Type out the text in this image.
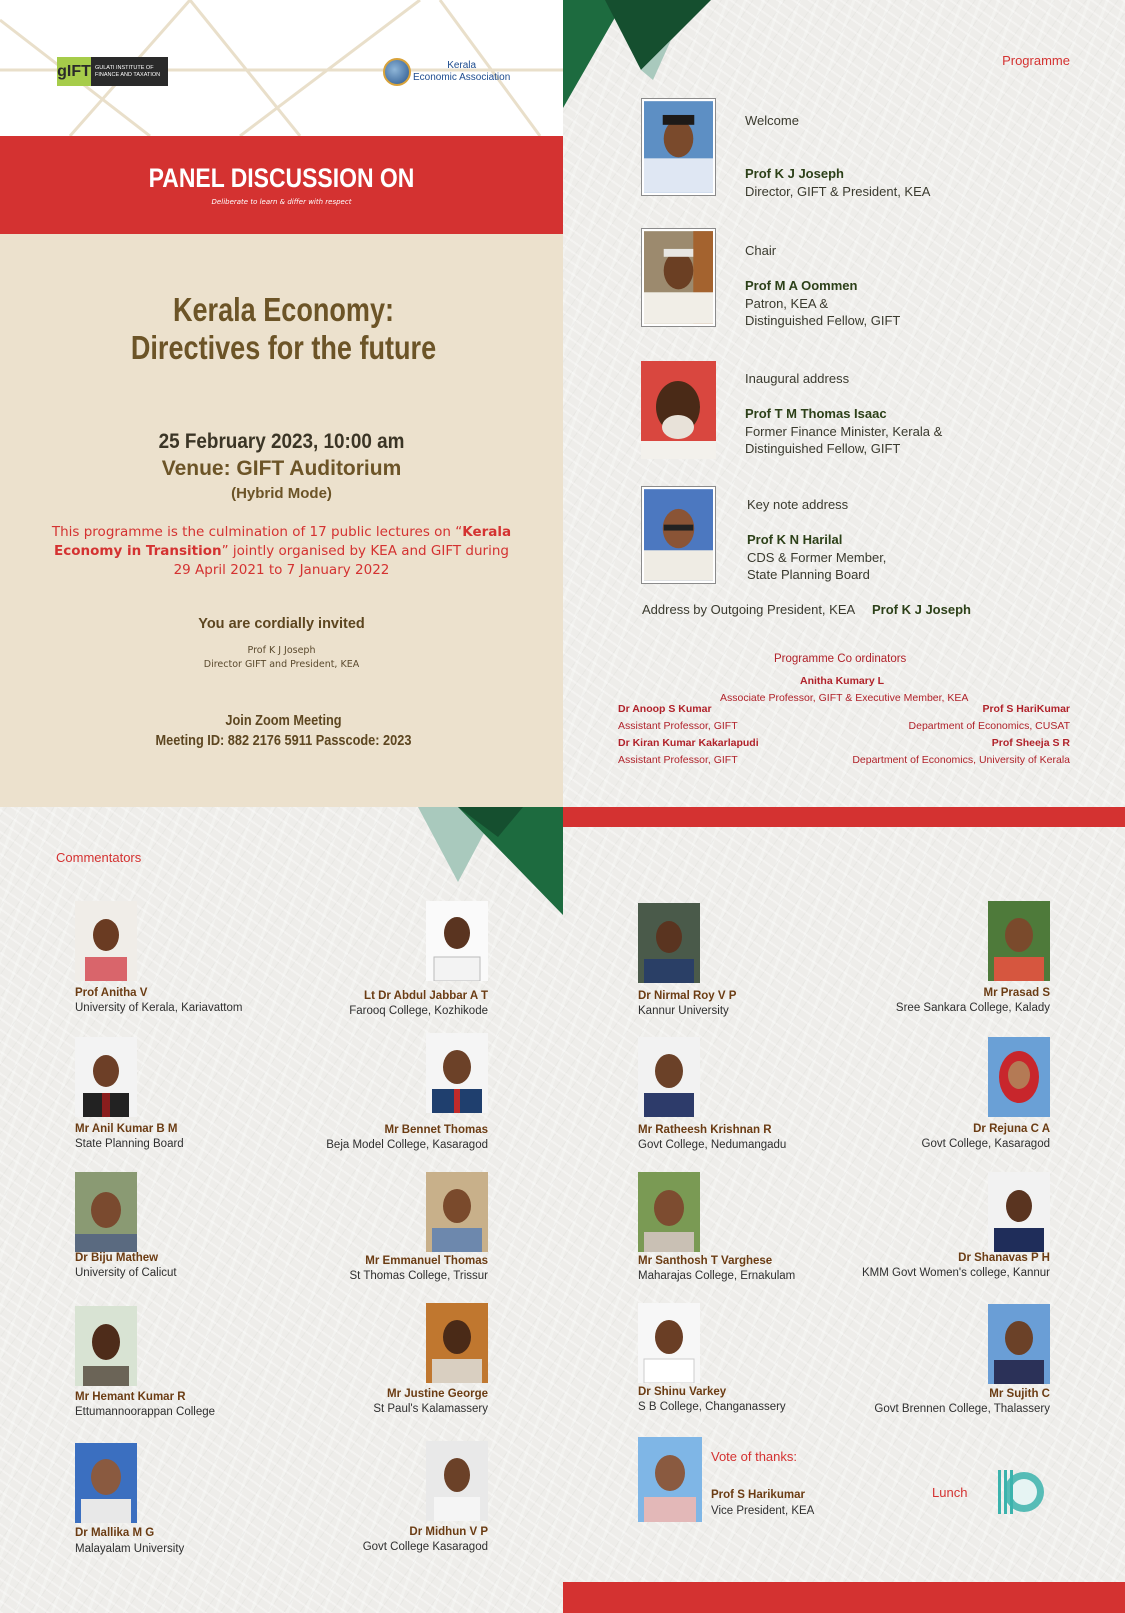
gIFT GULATI INSTITUTE OF FINANCE AND TAXATION
Kerala
Economic Association
PANEL DISCUSSION ON
Deliberate to learn & differ with respect
Kerala Economy:
Directives for the future
25 February 2023, 10:00 am
Venue: GIFT Auditorium
(Hybrid Mode)
This programme is the culmination of 17 public lectures on “Kerala Economy in Transition” jointly organised by KEA and GIFT during 29 April 2021 to 7 January 2022
You are cordially invited
Prof K J Joseph
Director GIFT and President, KEA
Join Zoom Meeting
Meeting ID: 882 2176 5911 Passcode: 2023
Programme
Welcome
Prof K J Joseph
Director, GIFT & President, KEA
Chair
Prof M A Oommen
Patron, KEA &
Distinguished Fellow, GIFT
Inaugural address
Prof T M Thomas Isaac
Former Finance Minister, Kerala &
Distinguished Fellow, GIFT
Key note address
Prof K N Harilal
CDS & Former Member,
State Planning Board
Address by Outgoing President, KEA Prof K J Joseph
Programme Co ordinators
Anitha Kumary L
Associate Professor, GIFT & Executive Member, KEA
Dr Anoop S Kumar
Assistant Professor, GIFT
Dr Kiran Kumar Kakarlapudi
Assistant Professor, GIFT
Prof S HariKumar
Department of Economics, CUSAT
Prof Sheeja S R
Department of Economics, University of Kerala
Commentators
Prof Anitha V
University of Kerala, Kariavattom
Mr Anil Kumar B M
State Planning Board
Dr Biju Mathew
University of Calicut
Mr Hemant Kumar R
Ettumannoorappan College
Dr Mallika M G
Malayalam University
Lt Dr Abdul Jabbar A T
Farooq College, Kozhikode
Mr Bennet Thomas
Beja Model College, Kasaragod
Mr Emmanuel Thomas
St Thomas College, Trissur
Mr Justine George
St Paul's Kalamassery
Dr Midhun V P
Govt College Kasaragod
Dr Nirmal Roy V P
Kannur University
Mr Ratheesh Krishnan R
Govt College, Nedumangadu
Mr Santhosh T Varghese
Maharajas College, Ernakulam
Dr Shinu Varkey
S B College, Changanassery
Mr Prasad S
Sree Sankara College, Kalady
Dr Rejuna C A
Govt College, Kasaragod
Dr Shanavas P H
KMM Govt Women's college, Kannur
Mr Sujith C
Govt Brennen College, Thalassery
Vote of thanks:
Prof S Harikumar
Vice President, KEA
Lunch
